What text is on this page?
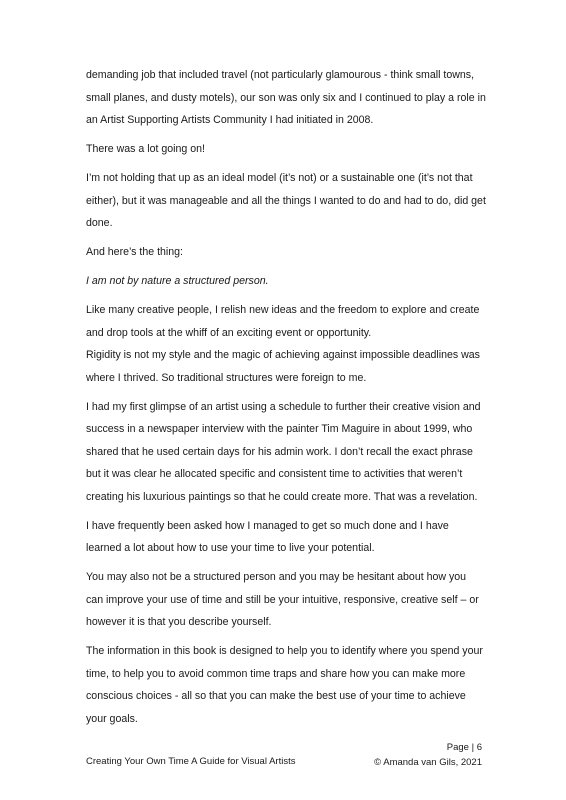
demanding job that included travel (not particularly glamourous - think small towns, small planes, and dusty motels), our son was only six and I continued to play a role in an Artist Supporting Artists Community I had initiated in 2008.

There was a lot going on!

I’m not holding that up as an ideal model (it’s not) or a sustainable one (it’s not that either), but it was manageable and all the things I wanted to do and had to do, did get done.

And here’s the thing:

I am not by nature a structured person.

Like many creative people, I relish new ideas and the freedom to explore and create and drop tools at the whiff of an exciting event or opportunity.

Rigidity is not my style and the magic of achieving against impossible deadlines was where I thrived. So traditional structures were foreign to me.

I had my first glimpse of an artist using a schedule to further their creative vision and success in a newspaper interview with the painter Tim Maguire in about 1999, who shared that he used certain days for his admin work. I don’t recall the exact phrase but it was clear he allocated specific and consistent time to activities that weren’t creating his luxurious paintings so that he could create more. That was a revelation.

I have frequently been asked how I managed to get so much done and I have learned a lot about how to use your time to live your potential.

You may also not be a structured person and you may be hesitant about how you can improve your use of time and still be your intuitive, responsive, creative self – or however it is that you describe yourself.

The information in this book is designed to help you to identify where you spend your time, to help you to avoid common time traps and share how you can make more conscious choices - all so that you can make the best use of your time to achieve your goals.

Creating Your Own Time A Guide for Visual Artists
Page | 6
© Amanda van Gils, 2021
